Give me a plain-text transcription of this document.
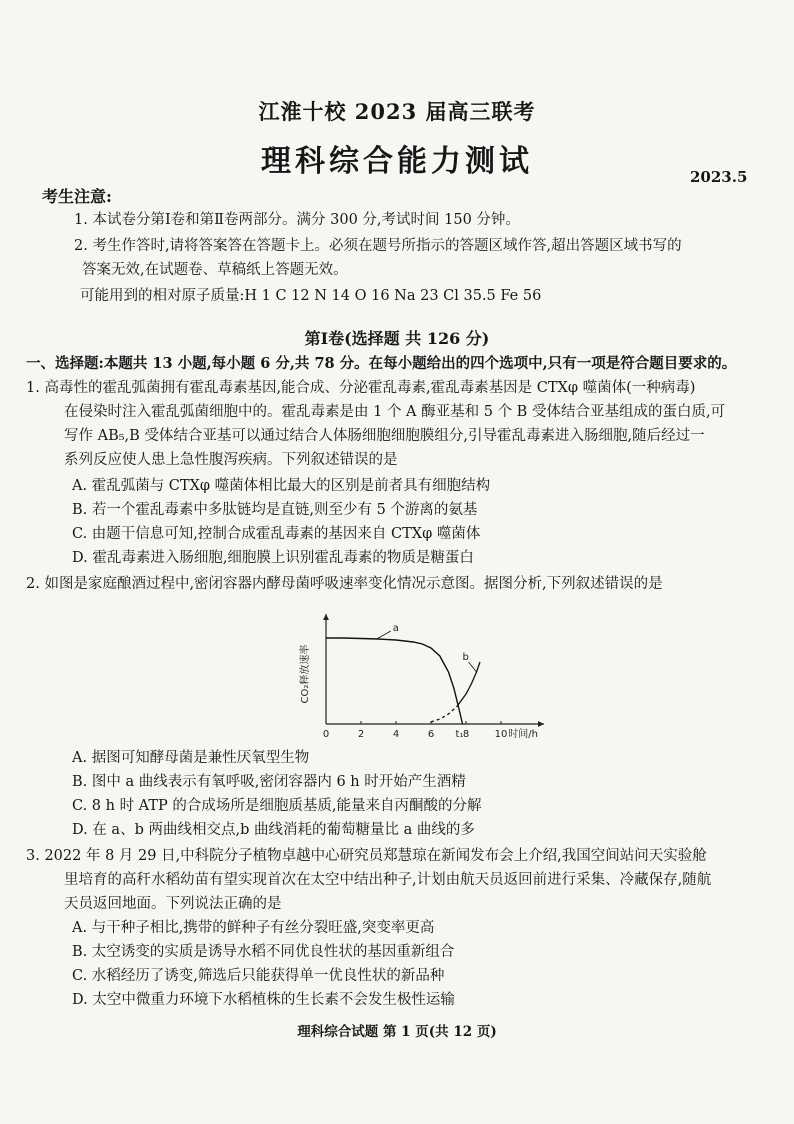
江淮十校 2023 届高三联考
理科综合能力测试	2023.5
考生注意:
1. 本试卷分第Ⅰ卷和第Ⅱ卷两部分。满分 300 分,考试时间 150 分钟。
2. 考生作答时,请将答案答在答题卡上。必须在题号所指示的答题区域作答,超出答题区域书写的
答案无效,在试题卷、草稿纸上答题无效。
可能用到的相对原子质量:H 1 C 12 N 14 O 16 Na 23 Cl 35.5 Fe 56
第Ⅰ卷(选择题 共 126 分)
一、选择题:本题共 13 小题,每小题 6 分,共 78 分。在每小题给出的四个选项中,只有一项是符合题目要求的。
1. 高毒性的霍乱弧菌拥有霍乱毒素基因,能合成、分泌霍乱毒素,霍乱毒素基因是 CTXφ 噬菌体(一种病毒)
在侵染时注入霍乱弧菌细胞中的。霍乱毒素是由 1 个 A 酶亚基和 5 个 B 受体结合亚基组成的蛋白质,可
写作 AB₅,B 受体结合亚基可以通过结合人体肠细胞细胞膜组分,引导霍乱毒素进入肠细胞,随后经过一
系列反应使人患上急性腹泻疾病。下列叙述错误的是
A. 霍乱弧菌与 CTXφ 噬菌体相比最大的区别是前者具有细胞结构
B. 若一个霍乱毒素中多肽链均是直链,则至少有 5 个游离的氨基
C. 由题干信息可知,控制合成霍乱毒素的基因来自 CTXφ 噬菌体
D. 霍乱毒素进入肠细胞,细胞膜上识别霍乱毒素的物质是糖蛋白
2. 如图是家庭酿酒过程中,密闭容器内酵母菌呼吸速率变化情况示意图。据图分析,下列叙述错误的是
0	2	4	6	8	10
t₁
CO₂释放速率
时间/h
a
b
A. 据图可知酵母菌是兼性厌氧型生物
B. 图中 a 曲线表示有氧呼吸,密闭容器内 6 h 时开始产生酒精
C. 8 h 时 ATP 的合成场所是细胞质基质,能量来自丙酮酸的分解
D. 在 a、b 两曲线相交点,b 曲线消耗的葡萄糖量比 a 曲线的多
3. 2022 年 8 月 29 日,中科院分子植物卓越中心研究员郑慧琼在新闻发布会上介绍,我国空间站问天实验舱
里培育的高秆水稻幼苗有望实现首次在太空中结出种子,计划由航天员返回前进行采集、冷藏保存,随航
天员返回地面。下列说法正确的是
A. 与干种子相比,携带的鲜种子有丝分裂旺盛,突变率更高
B. 太空诱变的实质是诱导水稻不同优良性状的基因重新组合
C. 水稻经历了诱变,筛选后只能获得单一优良性状的新品种
D. 太空中微重力环境下水稻植株的生长素不会发生极性运输
理科综合试题 第 1 页(共 12 页)
